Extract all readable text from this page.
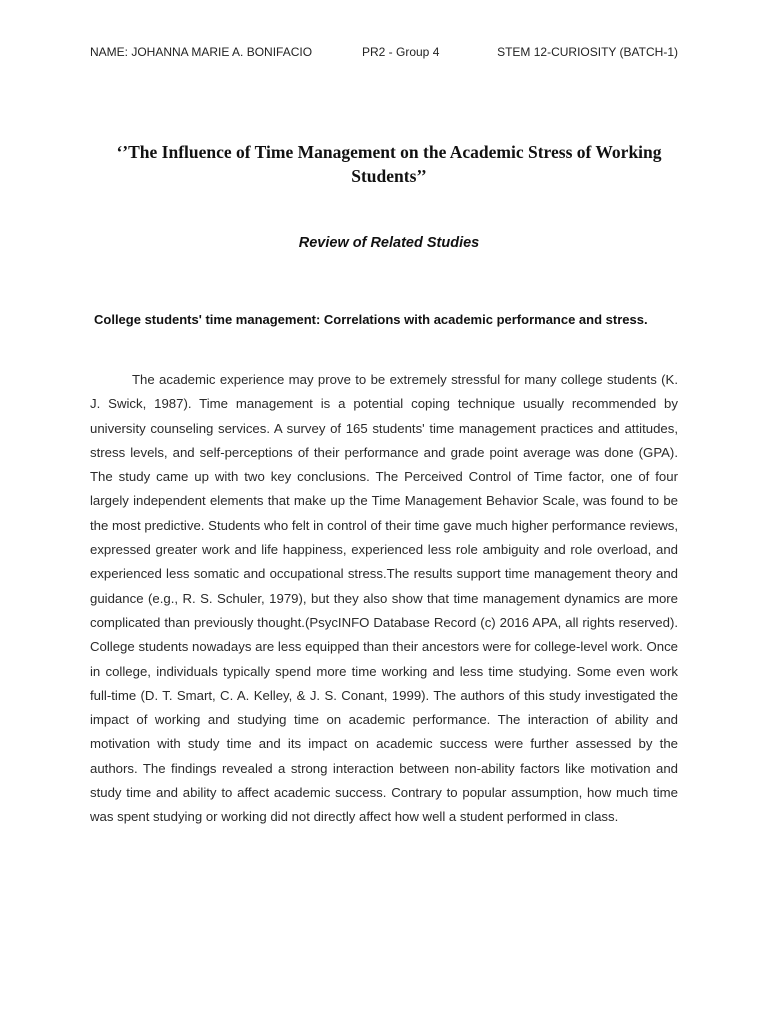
NAME: JOHANNA MARIE A. BONIFACIO	PR2 - Group 4	STEM 12-CURIOSITY (BATCH-1)
‘’The Influence of Time Management on the Academic Stress of Working Students’’
Review of Related Studies
College students' time management: Correlations with academic performance and stress.

The academic experience may prove to be extremely stressful for many college students (K. J. Swick, 1987). Time management is a potential coping technique usually recommended by university counseling services. A survey of 165 students' time management practices and attitudes, stress levels, and self-perceptions of their performance and grade point average was done (GPA). The study came up with two key conclusions. The Perceived Control of Time factor, one of four largely independent elements that make up the Time Management Behavior Scale, was found to be the most predictive. Students who felt in control of their time gave much higher performance reviews, expressed greater work and life happiness, experienced less role ambiguity and role overload, and experienced less somatic and occupational stress.The results support time management theory and guidance (e.g., R. S. Schuler, 1979), but they also show that time management dynamics are more complicated than previously thought.(PsycINFO Database Record (c) 2016 APA, all rights reserved). College students nowadays are less equipped than their ancestors were for college-level work. Once in college, individuals typically spend more time working and less time studying. Some even work full-time (D. T. Smart, C. A. Kelley, & J. S. Conant, 1999). The authors of this study investigated the impact of working and studying time on academic performance. The interaction of ability and motivation with study time and its impact on academic success were further assessed by the authors. The findings revealed a strong interaction between non-ability factors like motivation and study time and ability to affect academic success. Contrary to popular assumption, how much time was spent studying or working did not directly affect how well a student performed in class.
